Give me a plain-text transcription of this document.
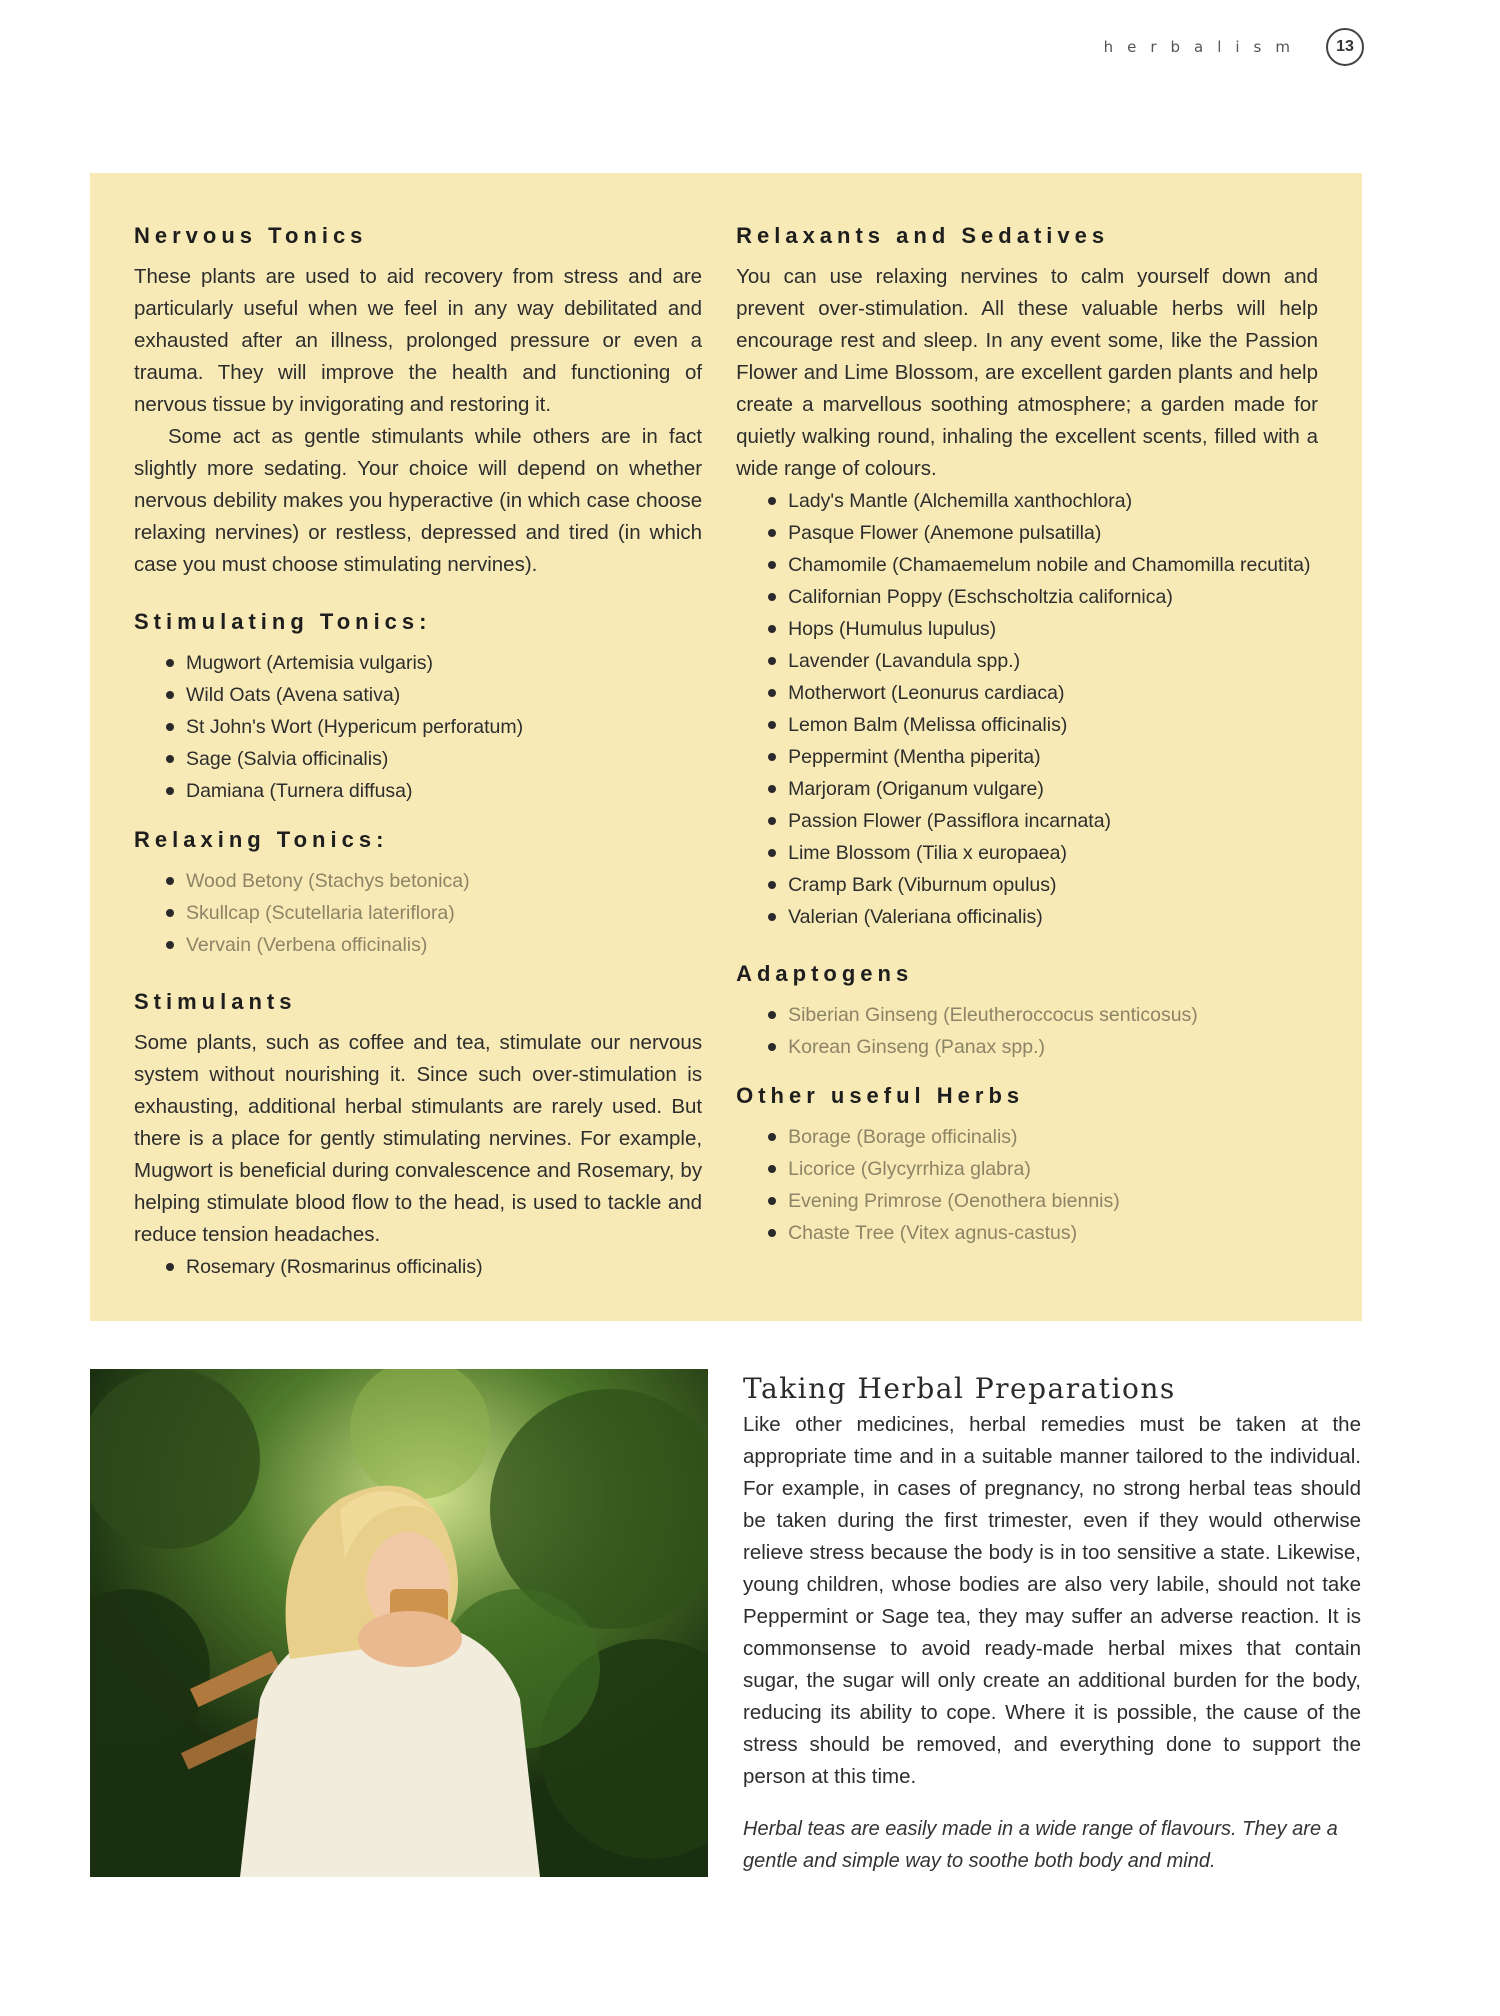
herbalism	13
Nervous Tonics

These plants are used to aid recovery from stress and are particularly useful when we feel in any way debilitated and exhausted after an illness, prolonged pressure or even a trauma. They will improve the health and functioning of nervous tissue by invigorating and restoring it.

Some act as gentle stimulants while others are in fact slightly more sedating. Your choice will depend on whether nervous debility makes you hyperactive (in which case choose relaxing nervines) or restless, depressed and tired (in which case you must choose stimulating nervines).

Stimulating Tonics:
Mugwort (Artemisia vulgaris)
Wild Oats (Avena sativa)
St John's Wort (Hypericum perforatum)
Sage (Salvia officinalis)
Damiana (Turnera diffusa)
Relaxing Tonics:
Wood Betony (Stachys betonica)
Skullcap (Scutellaria lateriflora)
Vervain (Verbena officinalis)
Stimulants

Some plants, such as coffee and tea, stimulate our nervous system without nourishing it. Since such over-stimulation is exhausting, additional herbal stimulants are rarely used. But there is a place for gently stimulating nervines. For example, Mugwort is beneficial during convalescence and Rosemary, by helping stimulate blood flow to the head, is used to tackle and reduce tension headaches.

Rosemary (Rosmarinus officinalis)
Relaxants and Sedatives

You can use relaxing nervines to calm yourself down and prevent over-stimulation. All these valuable herbs will help encourage rest and sleep. In any event some, like the Passion Flower and Lime Blossom, are excellent garden plants and help create a marvellous soothing atmosphere; a garden made for quietly walking round, inhaling the excellent scents, filled with a wide range of colours.

Lady's Mantle (Alchemilla xanthochlora)
Pasque Flower (Anemone pulsatilla)
Chamomile (Chamaemelum nobile and Chamomilla recutita)
Californian Poppy (Eschscholtzia californica)
Hops (Humulus lupulus)
Lavender (Lavandula spp.)
Motherwort (Leonurus cardiaca)
Lemon Balm (Melissa officinalis)
Peppermint (Mentha piperita)
Marjoram (Origanum vulgare)
Passion Flower (Passiflora incarnata)
Lime Blossom (Tilia x europaea)
Cramp Bark (Viburnum opulus)
Valerian (Valeriana officinalis)
Adaptogens
Siberian Ginseng (Eleutheroccocus senticosus)
Korean Ginseng (Panax spp.)
Other useful Herbs
Borage (Borage officinalis)
Licorice (Glycyrrhiza glabra)
Evening Primrose (Oenothera biennis)
Chaste Tree (Vitex agnus-castus)
Taking Herbal Preparations

Like other medicines, herbal remedies must be taken at the appropriate time and in a suitable manner tailored to the individual. For example, in cases of pregnancy, no strong herbal teas should be taken during the first trimester, even if they would otherwise relieve stress because the body is in too sensitive a state. Likewise, young children, whose bodies are also very labile, should not take Peppermint or Sage tea, they may suffer an adverse reaction. It is commonsense to avoid ready-made herbal mixes that contain sugar, the sugar will only create an additional burden for the body, reducing its ability to cope. Where it is possible, the cause of the stress should be removed, and everything done to support the person at this time.

Herbal teas are easily made in a wide range of flavours. They are a gentle and simple way to soothe both body and mind.
